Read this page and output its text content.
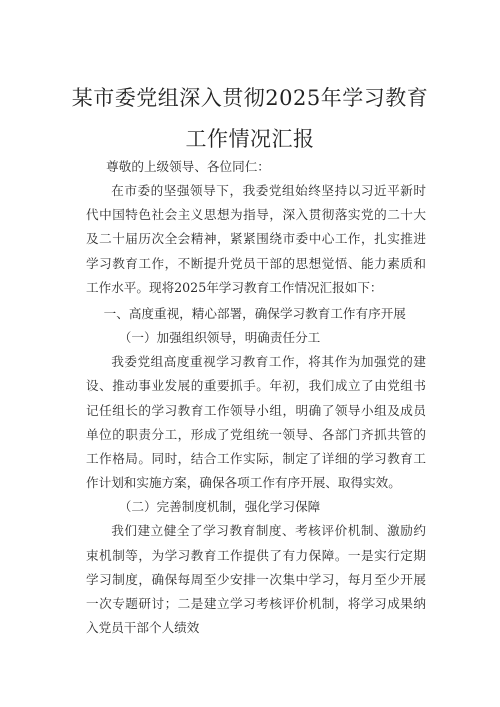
某市委党组深入贯彻2025年学习教育
工作情况汇报

尊敬的上级领导、各位同仁：

在市委的坚强领导下，我委党组始终坚持以习近平新时代中国特色社会主义思想为指导，深入贯彻落实党的二十大及二十届历次全会精神，紧紧围绕市委中心工作，扎实推进学习教育工作，不断提升党员干部的思想觉悟、能力素质和工作水平。现将2025年学习教育工作情况汇报如下：

一、高度重视，精心部署，确保学习教育工作有序开展

（一）加强组织领导，明确责任分工

我委党组高度重视学习教育工作，将其作为加强党的建设、推动事业发展的重要抓手。年初，我们成立了由党组书记任组长的学习教育工作领导小组，明确了领导小组及成员单位的职责分工，形成了党组统一领导、各部门齐抓共管的工作格局。同时，结合工作实际，制定了详细的学习教育工作计划和实施方案，确保各项工作有序开展、取得实效。

（二）完善制度机制，强化学习保障

我们建立健全了学习教育制度、考核评价机制、激励约束机制等，为学习教育工作提供了有力保障。一是实行定期学习制度，确保每周至少安排一次集中学习，每月至少开展一次专题研讨；二是建立学习考核评价机制，将学习成果纳入党员干部个人绩效
